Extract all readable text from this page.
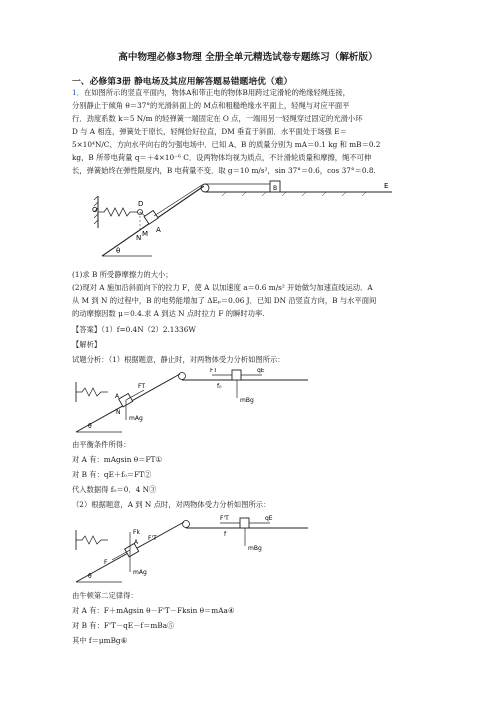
高中物理必修3物理 全册全单元精选试卷专题练习（解析版）
一、必修第3册 静电场及其应用解答题易错题培优（难）
1．在如图所示的竖直平面内，物体A和带正电的物体B用跨过定滑轮的绝缘轻绳连接，
分别静止于倾角 θ＝37°的光滑斜面上的 M点和粗糙绝缘水平面上，轻绳与对应平面平
行．劲度系数 k＝5 N/m 的轻弹簧一端固定在 O 点，一端用另一轻绳穿过固定的光滑小环
D 与 A 相连，弹簧处于原长，轻绳恰好拉直，DM 垂直于斜面．水平面处于场强 E＝
5×10⁴N/C、方向水平向右的匀强电场中．已知 A、B 的质量分别为 mA＝0.1 kg 和 mB＝0.2
kg，B 所带电荷量 q＝＋4×10⁻⁶ C．设两物体均视为质点，不计滑轮质量和摩擦，绳不可伸
长，弹簧始终在弹性限度内，B 电荷量不变．取 g＝10 m/s²，sin 37°＝0.6，cos 37°＝0.8.
O
D
θ
A
M
N
B	E
(1)求 B 所受静摩擦力的大小；
(2)现对 A 施加沿斜面向下的拉力 F，使 A 以加速度 a＝0.6 m/s² 开始做匀加速直线运动．A
从 M 到 N 的过程中，B 的电势能增加了 ΔEₚ＝0.06 J．已知 DN 沿竖直方向，B 与水平面间
的动摩擦因数 μ＝0.4.求 A 到达 N 点时拉力 F 的瞬时功率.
【答案】（1）f=0.4N（2）2.1336W
【解析】
试题分析：（1）根据题意，静止时，对两物体受力分析如图所示：
θ
A
mAg
FT
N
FT	qE
f₀
mBg
由平衡条件所得：
对 A 有：mAgsin θ＝FT①
对 B 有：qE＋f₀＝FT②
代入数据得 f₀＝0．4 N③
（2）根据题意，A 到 N 点时，对两物体受力分析如图所示：
θ
A
F
mAg
Fk
F'T
F'T	qE
f
mBg
由牛顿第二定律得：
对 A 有：F＋mAgsin θ－F'T－Fksin θ＝mAa④
对 B 有：F'T－qE－f＝mBa⑤
其中 f＝μmBg⑥
